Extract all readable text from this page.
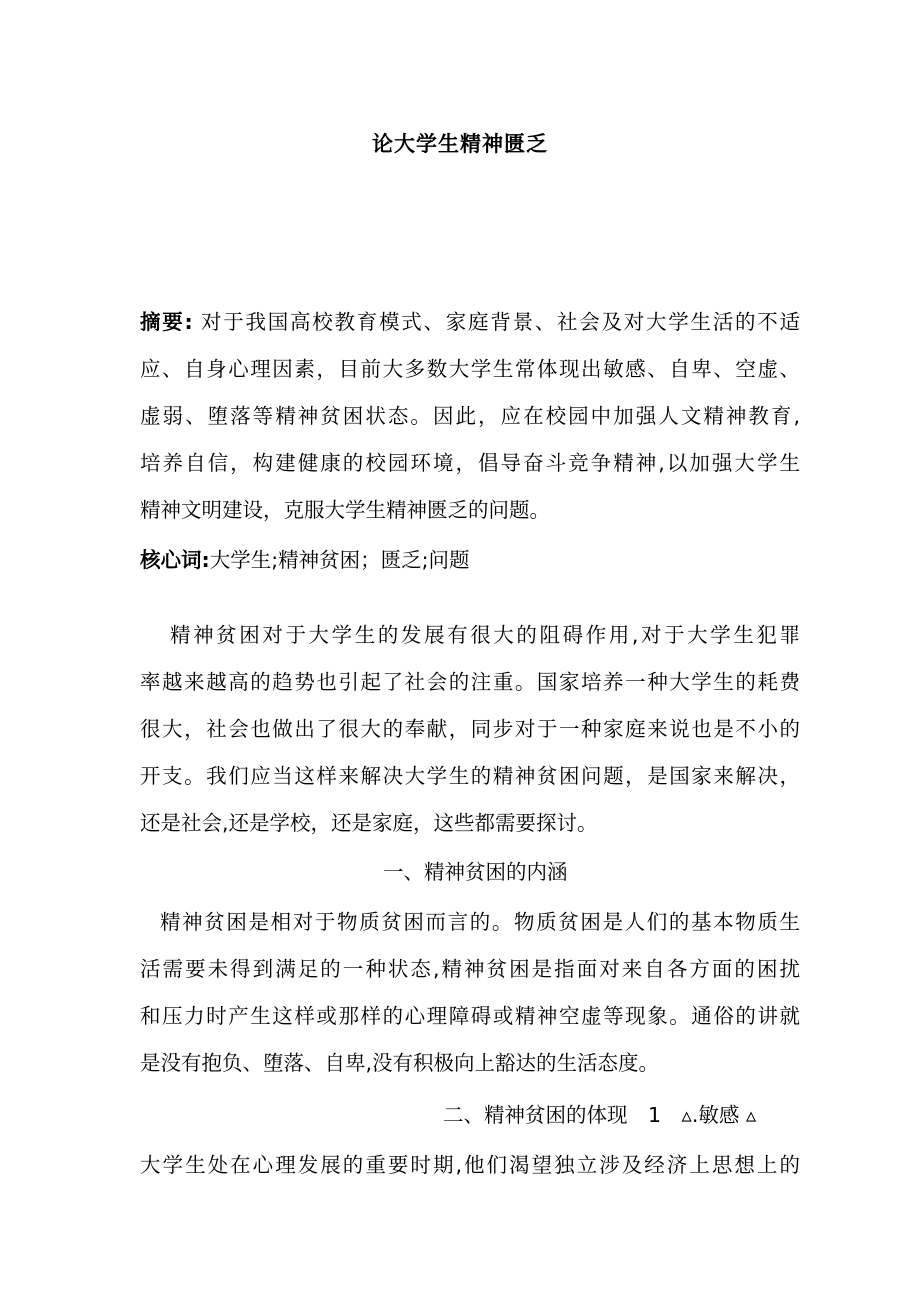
论大学生精神匮乏
摘要: 对于我国高校教育模式、家庭背景、社会及对大学生活的不适
应、自身心理因素，目前大多数大学生常体现出敏感、自卑、空虚、
虚弱、堕落等精神贫困状态。因此，应在校园中加强人文精神教育,
培养自信，构建健康的校园环境，倡导奋斗竞争精神,以加强大学生
精神文明建设，克服大学生精神匮乏的问题。
核心词:大学生;精神贫困；匮乏;问题
精神贫困对于大学生的发展有很大的阻碍作用,对于大学生犯罪
率越来越高的趋势也引起了社会的注重。国家培养一种大学生的耗费
很大，社会也做出了很大的奉献，同步对于一种家庭来说也是不小的
开支。我们应当这样来解决大学生的精神贫困问题，是国家来解决，
还是社会,还是学校，还是家庭，这些都需要探讨。
一、精神贫困的内涵
精神贫困是相对于物质贫困而言的。物质贫困是人们的基本物质生
活需要未得到满足的一种状态,精神贫困是指面对来自各方面的困扰
和压力时产生这样或那样的心理障碍或精神空虚等现象。通俗的讲就
是没有抱负、堕落、自卑,没有积极向上豁达的生活态度。
二、精神贫困的体现　1　▵.敏感 ▵
大学生处在心理发展的重要时期,他们渴望独立涉及经济上思想上的
